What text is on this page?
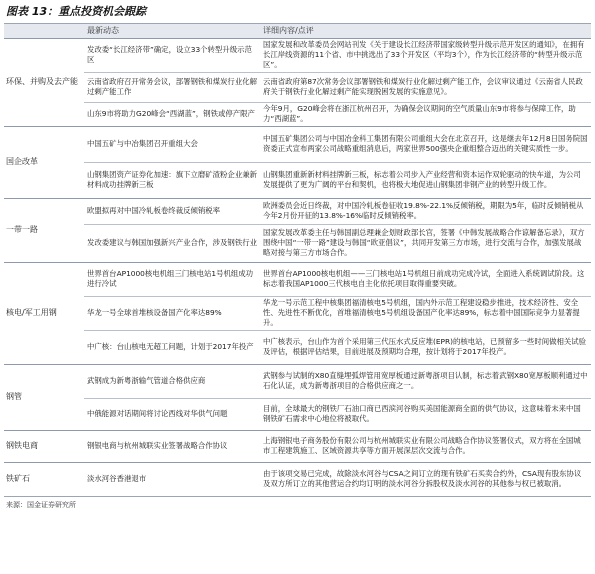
图表 13：重点投资机会跟踪
	最新动态	详细内容/点评
环保、并购及去产能	发改委“长江经济带”确定，设立33个转型升级示范区	国家发展和改革委员会网站刊发《关于建设长江经济带国家级转型升级示范开发区的通知》，在拥有长江岸线资源的11个省、市中挑选出了33个开发区（平均3个），作为长江经济带的“转型升级示范区”。
	云南省政府召开常务会议，部署钢铁和煤炭行业化解过剩产能工作	云南省政府第87次常务会议部署钢铁和煤炭行业化解过剩产能工作，会议审议通过《云南省人民政府关于钢铁行业化解过剩产能实现脱困发展的实施意见》。
	山东9市将助力G20峰会“西湖蓝”，钢铁或停产限产	今年9月，G20峰会将在浙江杭州召开，为确保会议期间的空气质量山东9市将参与保障工作，助力“西湖蓝”。
国企改革	中国五矿与中冶集团召开重组大会	中国五矿集团公司与中国冶金科工集团有限公司重组大会在北京召开，这是继去年12月8日国务院国资委正式宣布两家公司战略重组消息后，两家世界500强央企重组整合迈出的关键实质性一步。
	山钢集团资产证券化加速：旗下立磨矿渣粉企业兼新材料成功挂牌新三板	山钢集团重新新材料挂牌新三板，标志着公司步入产业经营和资本运作双轮驱动的快车道，为公司发展提供了更为广阔的平台和契机，也将极大地促进山钢集团非钢产业的转型升级工作。
一带一路	欧盟拟再对中国冷轧板卷终裁反倾销税率	欧洲委员会近日终裁，对中国冷轧板卷征收19.8%-22.1%反倾销税，期限为5年，临时反倾销税从今年2月份开征的13.8%-16%临时反倾销税率。
	发改委建议与韩国加强新兴产业合作，涉及钢铁行业	国家发展改革委主任与韩国副总理兼企划财政部长官，签署《中韩发展战略合作谅解备忘录》，双方围绕中国“一带一路”建设与韩国“欧亚倡议”，共同开发第三方市场，进行交流与合作，加强发展战略对接与第三方市场合作。
核电/军工用钢	世界首台AP1000核电机组三门核电站1号机组成功进行冷试	世界首台AP1000核电机组——三门核电站1号机组日前成功完成冷试，全面进入系统调试阶段。这标志着我国AP1000三代核电自主化依托项目取得重要突破。
	华龙一号全球首堆核设备国产化率达89%	华龙一号示范工程中核集团福清核电5号机组，国内外示范工程建设稳步推进，技术经济性、安全性、先进性不断优化，首堆福清核电5号机组设备国产化率达89%，标志着中国国际竞争力显著提升。
	中广核：台山核电无超工问题，计划于2017年投产	中广核表示，台山作为首个采用第三代压水式反应堆(EPR)的核电站，已预留多一些时间做相关试验及评估，根据评估结果，目前进展及预期均合理，按计划将于2017年投产。
钢管	武钢成为新粤浙输气管道合格供应商	武钢参与试制的X80直缝埋弧焊管用宽厚板通过新粤浙项目认制，标志着武钢X80宽厚板顺利通过中石化认证，成为新粤浙项目的合格供应商之一。
	中俄能源对话期间将讨论西线对华供气问题	目前，全球最大的钢铁厂石油口商已西滨河谷购买美国能源商全面的供气协议，这意味着未来中国钢铁矿石需求中心地位将被取代。
钢铁电商	钢银电商与杭州城联实业签署战略合作协议	上海钢银电子商务股份有限公司与杭州城联实业有限公司战略合作协议签署仪式，双方将在全国城市工程建筑施工、区域资源共享等方面开展深层次交流与合作。
铁矿石	淡水河谷香港退市	由于该项交易已完成，故除淡水河谷与CSA之间订立的现有铁矿石买卖合约外，CSA现有股东协议及双方所订立的其他营运合约均订明的淡水河谷分拆股权及淡水河谷的其他参与权已被取消。
来源：国金证券研究所
